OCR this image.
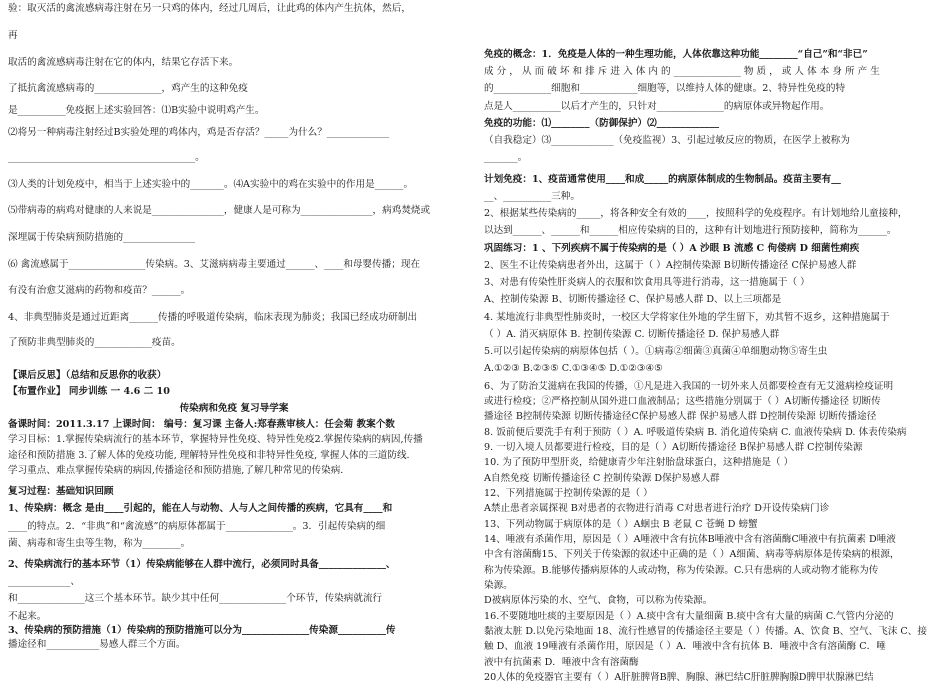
验：取灭活的禽流感病毒注射在另一只鸡的体内，经过几周后，让此鸡的体内产生抗体，然后，
再
取活的禽流感病毒注射在它的体内，结果它存活下来。
了抵抗禽流感病毒的______________，鸡产生的这种免疫
是__________免疫据上述实验回答：⑴B实验中说明鸡产生。
⑵将另一种病毒注射经过B实验处理的鸡体内，鸡是否存活？_____为什么？_____________
_______________________________________。
⑶人类的计划免疫中，相当于上述实验中的_______。⑷A实验中的鸡在实验中的作用是______。
⑸带病毒的病鸡对健康的人来说是_______________，健康人是可称为_______________，病鸡焚烧或
深埋属于传染病预防措施的_______________
⑹ 禽流感属于________________传染病。3、艾滋病病毒主要通过______、____和母婴传播；现在
有没有治愈艾滋病的药物和疫苗？______。
4、非典型肺炎是通过近距离______传播的呼吸道传染病，临床表现为肺炎；我国已经成功研制出
了预防非典型肺炎的____________疫苗。
【课后反思】（总结和反思你的收获）
【布置作业】 同步训练 一 4.6 二 10
传染病和免疫 复习导学案
备课时间：2011.3.17 上课时间： 编号：复习课 主备人:郑春燕审核人：任会菊 教案个数
学习目标：1.掌握传染病流行的基本环节，掌握特异性免疫、特异性免疫2.掌握传染病的病因,传播
途径和预防措施 3.了解人体的免疫功能, 理解特异性免疫和非特异性免疫, 掌握人体的三道防线.
学习重点、难点掌握传染病的病因,传播途径和预防措施,了解几种常见的传染病.
复习过程：基础知识回顾
1、传染病：概念 是由____引起的，能在人与动物、人与人之间传播的疾病，它具有____和
____的特点。2．“非典”和“禽流感”的病原体都属于______________。3．引起传染病的细
菌、病毒和寄生虫等生物，称为________。
2、传染病流行的基本环节（1）传染病能够在人群中流行，必须同时具备______________、
_____________、
和______________这三个基本环节。缺少其中任何______________个环节，传染病就流行
不起来。
3、传染病的预防措施（1）传染病的预防措施可以分为______________传染源__________传
播途径和___________易感人群三个方面。
免疫的概念：1．免疫是人体的一种生理功能，人体依靠这种功能________“自己”和“非已”
成 分 ， 从 而 破 坏 和 排 斥 进 入 体 内 的 ______________ 物 质 ， 或 人 体 本 身 所 产 生
的____________细胞和____________细胞等，以维持人体的健康。2、特异性免疫的特
点是人__________以后才产生的，只针对______________的病原体或异物起作用。
免疫的功能：⑴________（防御保护）⑵_____________
（自我稳定）⑶_____________（免疫监视）3、引起过敏反应的物质，在医学上被称为
_______。
计划免疫：1、疫苗通常使用____和成_____的病原体制成的生物制品。疫苗主要有__
__、__________三种。
2、根据某些传染病的_____，将各种安全有效的____，按照科学的免疫程序。有计划地给儿童接种，
以达到______、______和______相应传染病的目的，这种有计划地进行预防接种，简称为______。
巩固练习：1 、下列疾病不属于传染病的是（ ）A 沙眼 B 流感 C 佝偻病 D 细菌性痢疾
2、医生不让传染病患者外出，这属于（ ）A控制传染源 B切断传播途径 C保护易感人群
3、对患有传染性肝炎病人的衣服和饮食用具等进行消毒，这一措施属于（ ）
A、控制传染源 B、切断传播途径 C、保护易感人群 D、以上三项都是
4. 某地流行非典型性肺炎时，一校区大学将家住外地的学生留下，劝其暂不返乡，这种措施属于
（ ）A. 消灭病原体 B. 控制传染源 C. 切断传播途径 D. 保护易感人群
5.可以引起传染病的病原体包括（ ）。①病毒②细菌③真菌④单细胞动物⑤寄生虫
A.①②③ B.②③⑤ C.①③④⑤ D.①②③④⑤
6、为了防治艾滋病在我国的传播，①凡是进入我国的一切外来人员都要检查有无艾滋病检疫证明
或进行检疫；②严格控制从国外进口血液制品；这些措施分别属于（ ）A切断传播途径 切断传
播途径 B控制传染源 切断传播途径C保护易感人群 保护易感人群 D控制传染源 切断传播途径
8. 饭前便后要洗手有利于预防（ ）A. 呼吸道传染病 B. 消化道传染病 C. 血液传染病 D. 体表传染病
9. 一切入境人员都要进行检疫，目的是（ ）A切断传播途径 B保护易感人群 C控制传染源
10. 为了预防甲型肝炎，给健康青少年注射胎盘球蛋白，这种措施是（ ）
A自然免疫 切断传播途径 C 控制传染源 D保护易感人群
12、下列措施属于控制传染源的是（ ）
A禁止患者亲属探视 B对患者的衣物进行消毒 C对患者进行治疗 D开设传染病门诊
13、下列动物属于病原体的是（ ）A蛔虫 B 老鼠 C 苍蝇 D 螃蟹
14、唾液有杀菌作用，原因是（ ）A唾液中含有抗体B唾液中含有溶菌酶C唾液中有抗菌素 D唾液
中含有溶菌酶15、下列关于传染源的叙述中正确的是（ ）A细菌、病毒等病原体是传染病的根源，
称为传染源。B.能够传播病原体的人或动物，称为传染源。C.只有患病的人或动物才能称为传
染源。
D被病原体污染的水、空气、食物，可以称为传染源。
16.不要随地吐痰的主要原因是（ ）A.痰中含有大量细菌 B.痰中含有大量的病菌 C.气管内分泌的
黏液太脏 D.以免污染地面 18、流行性感冒的传播途径主要是（ ）传播。A、饮食 B、空气、飞沫 C、接
触 D、血液 19唾液有杀菌作用，原因是（ ）A．唾液中含有抗体 B．唾液中含有溶菌酶 C．唾
液中有抗菌素 D．唾液中含有溶菌酶
20人体的免疫器官主要有（ ）A肝脏脾肾B脾、胸腺、淋巴结C肝脏脾胸腺D脾甲状腺淋巴结
